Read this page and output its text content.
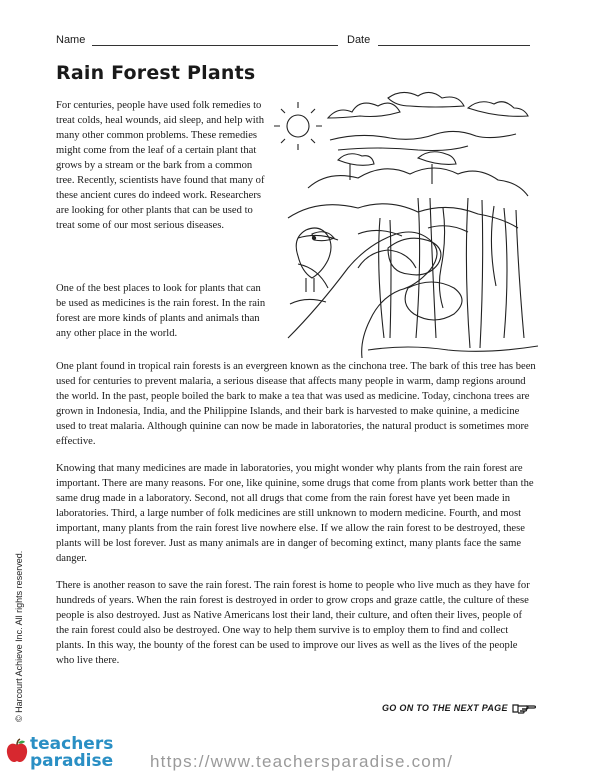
Name	Date
Rain Forest Plants

For centuries, people have used folk remedies to treat colds, heal wounds, aid sleep, and help with many other common problems. These remedies might come from the leaf of a certain plant that grows by a stream or the bark from a common tree. Recently, scientists have found that many of these ancient cures do indeed work. Researchers are looking for other plants that can be used to treat some of our most serious diseases.

One of the best places to look for plants that can be used as medicines is the rain forest. In the rain forest are more kinds of plants and animals than any other place in the world.

One plant found in tropical rain forests is an evergreen known as the cinchona tree. The bark of this tree has been used for centuries to prevent malaria, a serious disease that affects many people in warm, damp regions around the world. In the past, people boiled the bark to make a tea that was used as medicine. Today, cinchona trees are grown in Indonesia, India, and the Philippine Islands, and their bark is harvested to make quinine, a medicine used to treat malaria. Although quinine can now be made in laboratories, the natural product is sometimes more effective.

Knowing that many medicines are made in laboratories, you might wonder why plants from the rain forest are important. There are many reasons. For one, like quinine, some drugs that come from plants work better than the same drug made in a laboratory. Second, not all drugs that come from the rain forest have yet been made in laboratories. Third, a large number of folk medicines are still unknown to modern medicine. Fourth, and most important, many plants from the rain forest live nowhere else. If we allow the rain forest to be destroyed, these plants will be lost forever. Just as many animals are in danger of becoming extinct, many plants face the same danger.

There is another reason to save the rain forest. The rain forest is home to people who live much as they have for hundreds of years. When the rain forest is destroyed in order to grow crops and graze cattle, the culture of these people is also destroyed. Just as Native Americans lost their land, their culture, and often their lives, people of the rain forest could also be destroyed. One way to help them survive is to employ them to find and collect plants. In this way, the bounty of the forest can be used to improve our lives as well as the lives of the people who live there.

GO ON TO THE NEXT PAGE
© Harcourt Achieve Inc. All rights reserved.
teachers
paradise https://www.teachersparadise.com/
